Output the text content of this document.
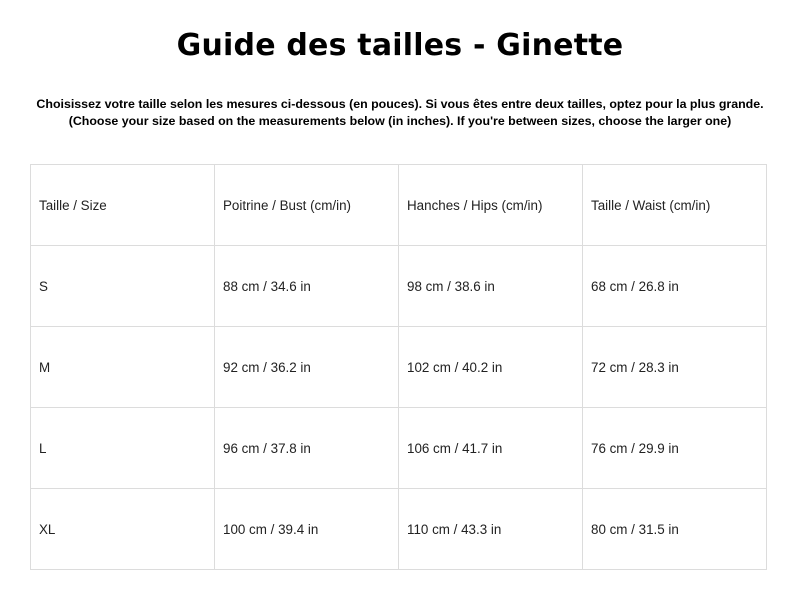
Guide des tailles - Ginette
Choisissez votre taille selon les mesures ci-dessous (en pouces). Si vous êtes entre deux tailles, optez pour la plus grande.
(Choose your size based on the measurements below (in inches). If you're between sizes, choose the larger one)
Taille / Size	Poitrine / Bust (cm/in)	Hanches / Hips (cm/in)	Taille / Waist (cm/in)
S	88 cm / 34.6 in	98 cm / 38.6 in	68 cm / 26.8 in
M	92 cm / 36.2 in	102 cm / 40.2 in	72 cm / 28.3 in
L	96 cm / 37.8 in	106 cm / 41.7 in	76 cm / 29.9 in
XL	100 cm / 39.4 in	110 cm / 43.3 in	80 cm / 31.5 in
